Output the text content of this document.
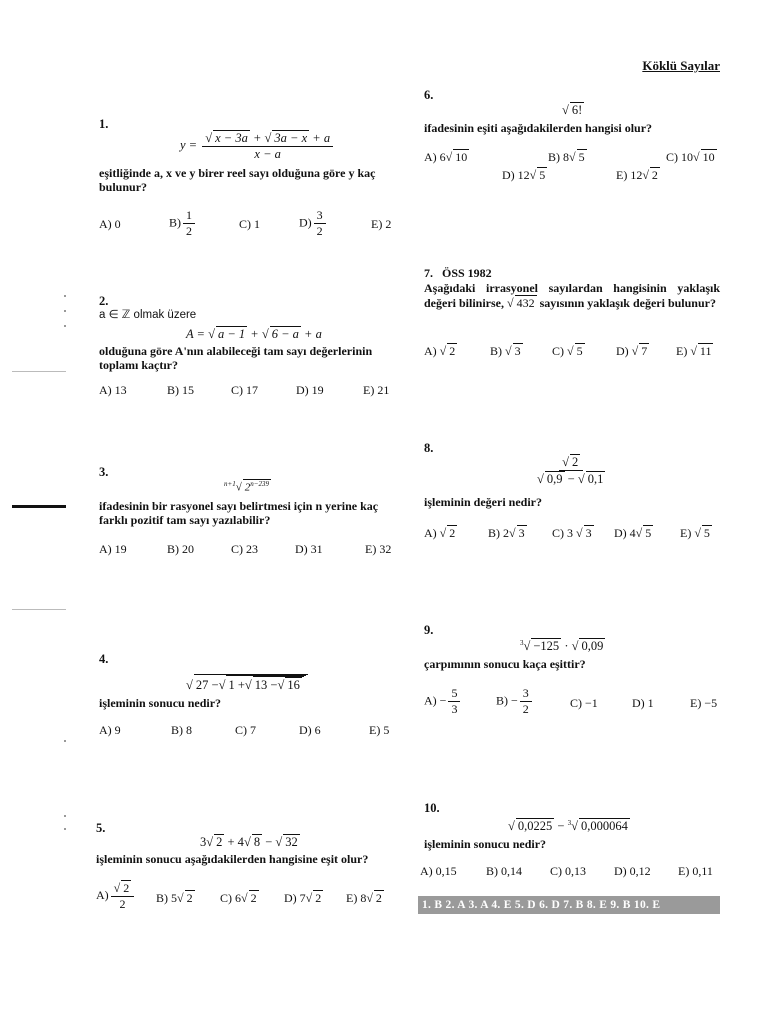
Köklü Sayılar
1.
$y = \frac{√ x - 3a + √ 3a - x + a}{x - a}$
eşitliğinde a, x ve y birer reel sayı olduğuna göre y kaç bulunur?
A) 0	$B) \frac{1}{2}$	C) 1	$D) \frac{3}{2}$	E) 2
2.
a ∈ ℤ olmak üzere
A = √ a − 1 + √ 6 − a + a
olduğuna göre A'nın alabileceği tam sayı değerlerinin toplamı kaçtır?
A) 13	B) 15	C) 17	D) 19	E) 21
3.
$^{n+1}$√ $2^{n-239}$
ifadesinin bir rasyonel sayı belirtmesi için n yerine kaç farklı pozitif tam sayı yazılabilir?
A) 19	B) 20	C) 23	D) 31	E) 32
4.
√ 27 −√ 1 +√ 13 −√ 16
işleminin sonucu nedir?
A) 9	B) 8	C) 7	D) 6	E) 5
5.
3√ 2 + 4√ 8 − √ 32
işleminin sonucu aşağıdakilerden hangisine eşit olur?
$A) \frac{√ 2}{2} B$) 5√ 2 C) 6√ 2 D) 7√ 2 E) 8√ 2
6.
√ 6!
ifadesinin eşiti aşağıdakilerden hangisi olur?
A) 6√ 10	B) 8√ 5	C) 10√ 10
D) 12√ 5	E) 12√ 2
7. ÖSS 1982
Aşağıdaki irrasyonel sayılardan hangisinin yaklaşık değeri bilinirse, √ 432 sayısının yaklaşık değeri bulunur?
A) √ 2	B) √ 3	C) √ 5	D) √ 7 E) √ 11
8.
$\frac{√ 2}{√ 0,9 - √ 0,1}$
işleminin değeri nedir?
A) √ 2	B) 2√ 3 C) 3 √ 3 D) 4√ 5 E) √ 5
9.
$^3$√ −125 · √ 0,09
çarpımının sonucu kaça eşittir?
$A) - \frac{5}{3}$	$B) - \frac{3}{2}$	C) −1	D) 1	E) −5
10.
√ 0,0225 − $^3$√ 0,000064
işleminin sonucu nedir?
A) 0,15 B) 0,14 C) 0,13 D) 0,12 E) 0,11
1. B 2. A 3. A 4. E 5. D 6. D 7. B 8. E 9. B 10. E
